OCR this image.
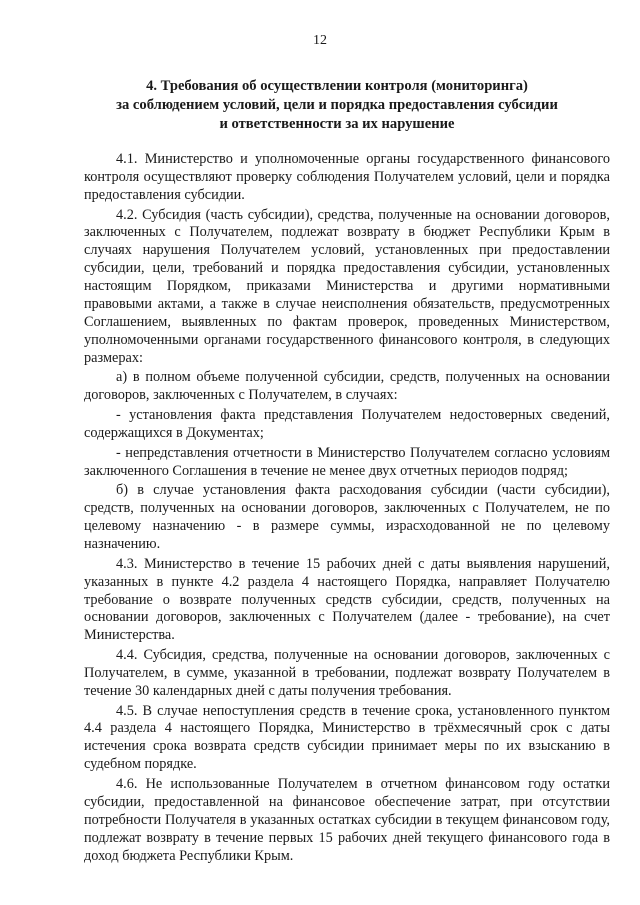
12
4. Требования об осуществлении контроля (мониторинга)
за соблюдением условий, цели и порядка предоставления субсидии
и ответственности за их нарушение

4.1. Министерство и уполномоченные органы государственного финансового контроля осуществляют проверку соблюдения Получателем условий, цели и порядка предоставления субсидии.

4.2. Субсидия (часть субсидии), средства, полученные на основании договоров, заключенных с Получателем, подлежат возврату в бюджет Республики Крым в случаях нарушения Получателем условий, установленных при предоставлении субсидии, цели, требований и порядка предоставления субсидии, установленных настоящим Порядком, приказами Министерства и другими нормативными правовыми актами, а также в случае неисполнения обязательств, предусмотренных Соглашением, выявленных по фактам проверок, проведенных Министерством, уполномоченными органами государственного финансового контроля, в следующих размерах:

а) в полном объеме полученной субсидии, средств, полученных на основании договоров, заключенных с Получателем, в случаях:

- установления факта представления Получателем недостоверных сведений, содержащихся в Документах;

- непредставления отчетности в Министерство Получателем согласно условиям заключенного Соглашения в течение не менее двух отчетных периодов подряд;

б) в случае установления факта расходования субсидии (части субсидии), средств, полученных на основании договоров, заключенных с Получателем, не по целевому назначению - в размере суммы, израсходованной не по целевому назначению.

4.3. Министерство в течение 15 рабочих дней с даты выявления нарушений, указанных в пункте 4.2 раздела 4 настоящего Порядка, направляет Получателю требование о возврате полученных средств субсидии, средств, полученных на основании договоров, заключенных с Получателем (далее - требование), на счет Министерства.

4.4. Субсидия, средства, полученные на основании договоров, заключенных с Получателем, в сумме, указанной в требовании, подлежат возврату Получателем в течение 30 календарных дней с даты получения требования.

4.5. В случае непоступления средств в течение срока, установленного пунктом 4.4 раздела 4 настоящего Порядка, Министерство в трёхмесячный срок с даты истечения срока возврата средств субсидии принимает меры по их взысканию в судебном порядке.

4.6. Не использованные Получателем в отчетном финансовом году остатки субсидии, предоставленной на финансовое обеспечение затрат, при отсутствии потребности Получателя в указанных остатках субсидии в текущем финансовом году, подлежат возврату в течение первых 15 рабочих дней текущего финансового года в доход бюджета Республики Крым.
